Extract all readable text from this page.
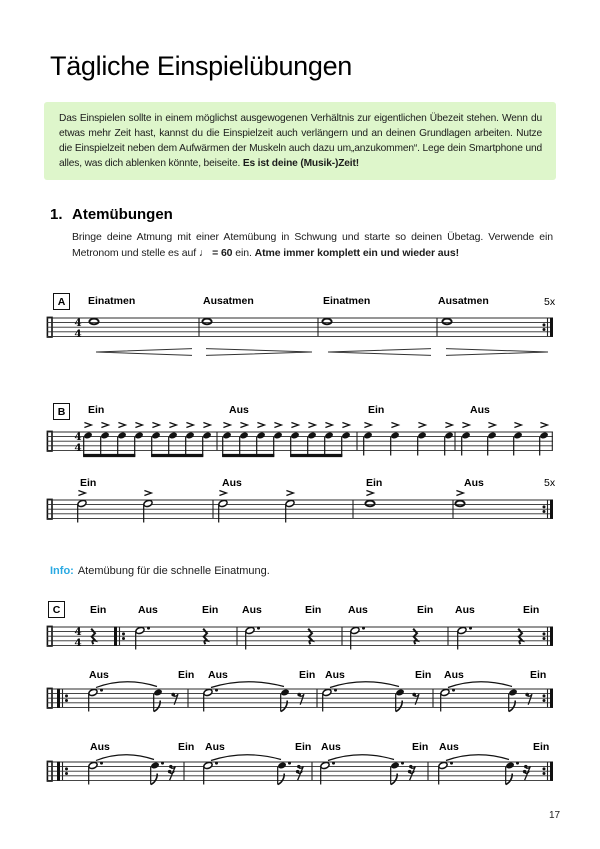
Tägliche Einspielübungen

Das Einspielen sollte in einem möglichst ausgewogenen Verhältnis zur eigentlichen Übezeit stehen. Wenn du etwas mehr Zeit hast, kannst du die Einspielzeit auch verlängern und an deinen Grundlagen arbeiten. Nutze die Einspielzeit neben dem Aufwärmen der Muskeln auch dazu um„anzukommen“. Lege dein Smartphone und alles, was dich ablenken könnte, beiseite. Es ist deine (Musik-)Zeit!

1. Atemübungen

Bringe deine Atmung mit einer Atemübung in Schwung und starte so deinen Übetag. Verwende ein Metronom und stelle es auf ♩ = 60 ein. Atme immer komplett ein und wieder aus!

A	Einatmen	Ausatmen	Einatmen	Ausatmen	5x
4
4
B	Ein	Aus	Ein	Aus
4
4
Ein	Aus	Ein	Aus	5x
Info: Atemübung für die schnelle Einatmung.
C	Ein	Aus	Ein Aus	Ein	Aus	Ein Aus	Ein
4
4
Aus	Ein Aus	Ein Aus	Ein Aus	Ein
Aus	Ein Aus	Ein Aus	Ein Aus	Ein
17
